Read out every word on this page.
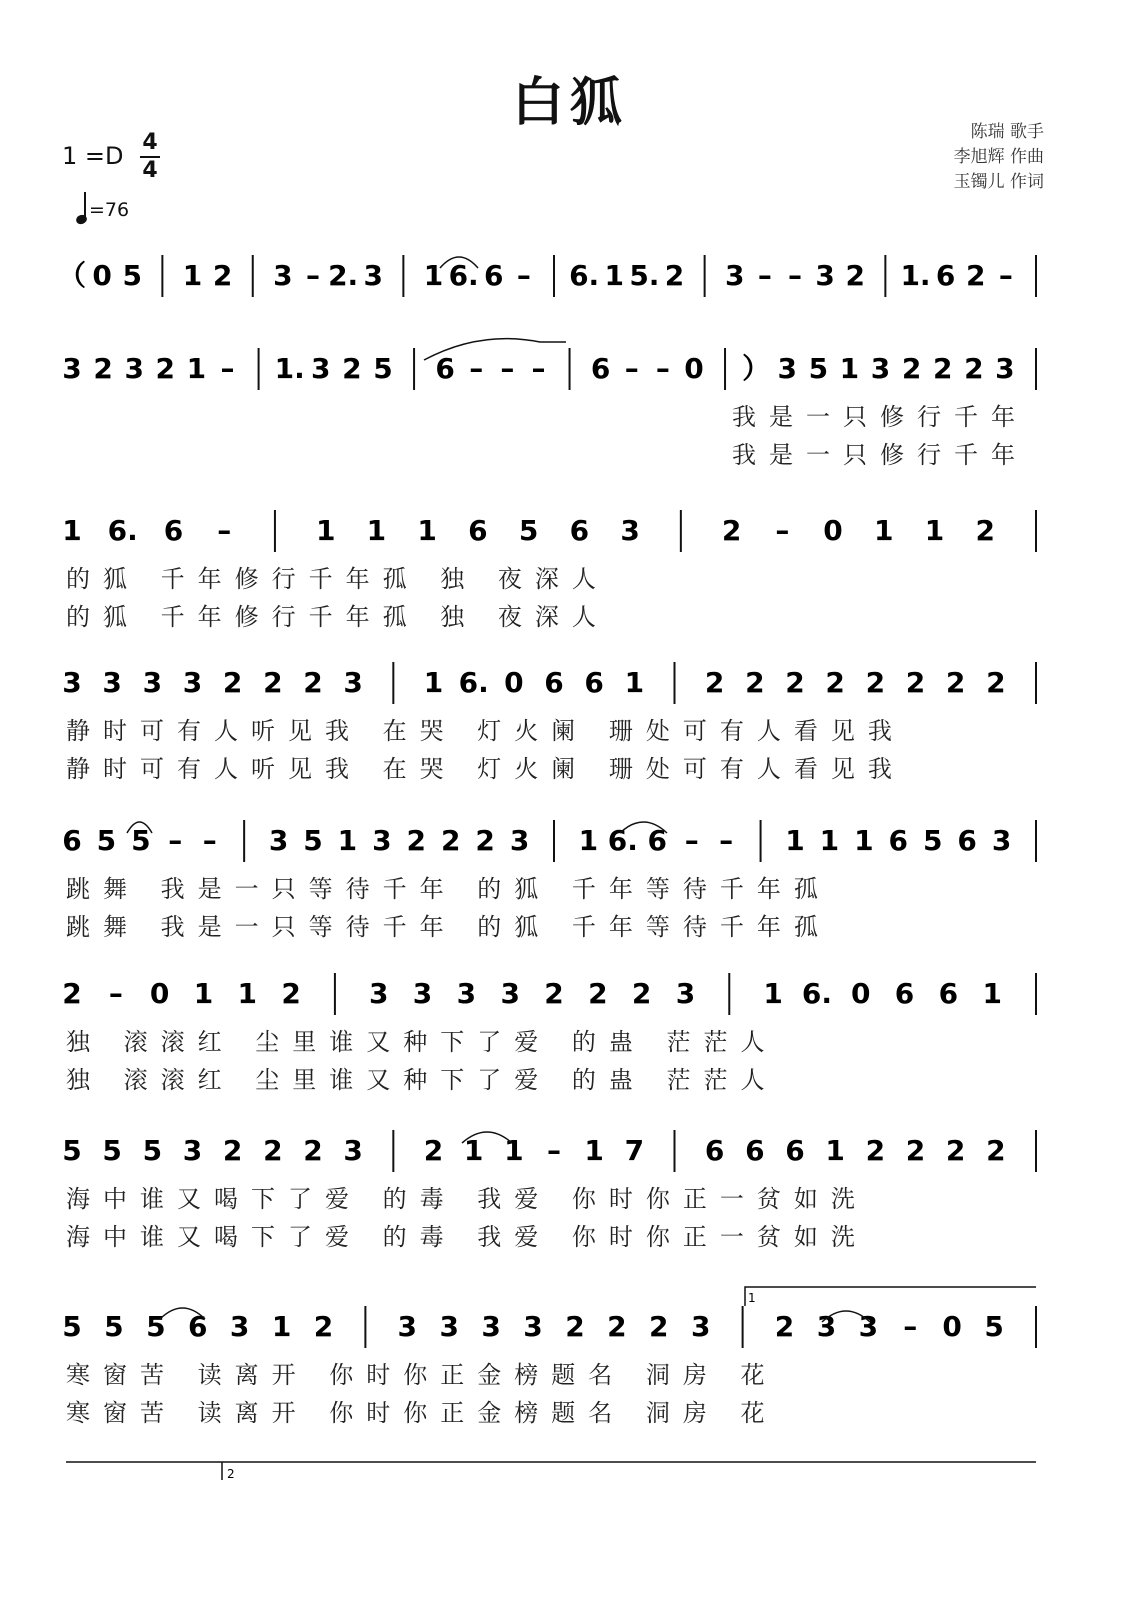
白狐	陈瑞 歌手
李旭辉 作曲
玉镯儿 作词
1 =D 4
4
=76
（ 0 5 1 2 3 – 2. 3 1 6. 6 – 6. 1 5. 2 3 – – 3 2 1. 6 2 –
3 2 3 2 1 – 1. 3 2 5 6 – – – 6 – – 0 ） 3 5 1 3 2 2 2 3
我是一只修行千年
我是一只修行千年
1 6. 6 –	1 1 1 6 5 6 3	2 – 0 1 1 2
的狐 千年修行千年孤 独 夜深人
的狐 千年修行千年孤 独 夜深人
3 3 3 3 2 2 2 3 1 6. 0 6 6 1 2 2 2 2 2 2 2 2
静时可有人听见我 在哭 灯火阑 珊处可有人看见我
静时可有人听见我 在哭 灯火阑 珊处可有人看见我
6 5 5 – – 3 5 1 3 2 2 2 3 1 6. 6 – – 1 1 1 6 5 6 3
跳舞 我是一只等待千年 的狐 千年等待千年孤
跳舞 我是一只等待千年 的狐 千年等待千年孤
2 – 0 1 1 2 3 3 3 3 2 2 2 3 1 6. 0 6 6 1
独 滚滚红 尘里谁又种下了爱 的蛊 茫茫人
独 滚滚红 尘里谁又种下了爱 的蛊 茫茫人
5 5 5 3 2 2 2 3 2 1 1 – 1 7 6 6 6 1 2 2 2 2
海中谁又喝下了爱 的毒 我爱 你时你正一贫如洗
海中谁又喝下了爱 的毒 我爱 你时你正一贫如洗
5 5 5 6 3 1 2 3 3 3 3 2 2 2 3 2 3 3 – 0 5
寒窗苦 读离开 你时你正金榜题名 洞房 花
寒窗苦 读离开 你时你正金榜题名 洞房 花
1
2
